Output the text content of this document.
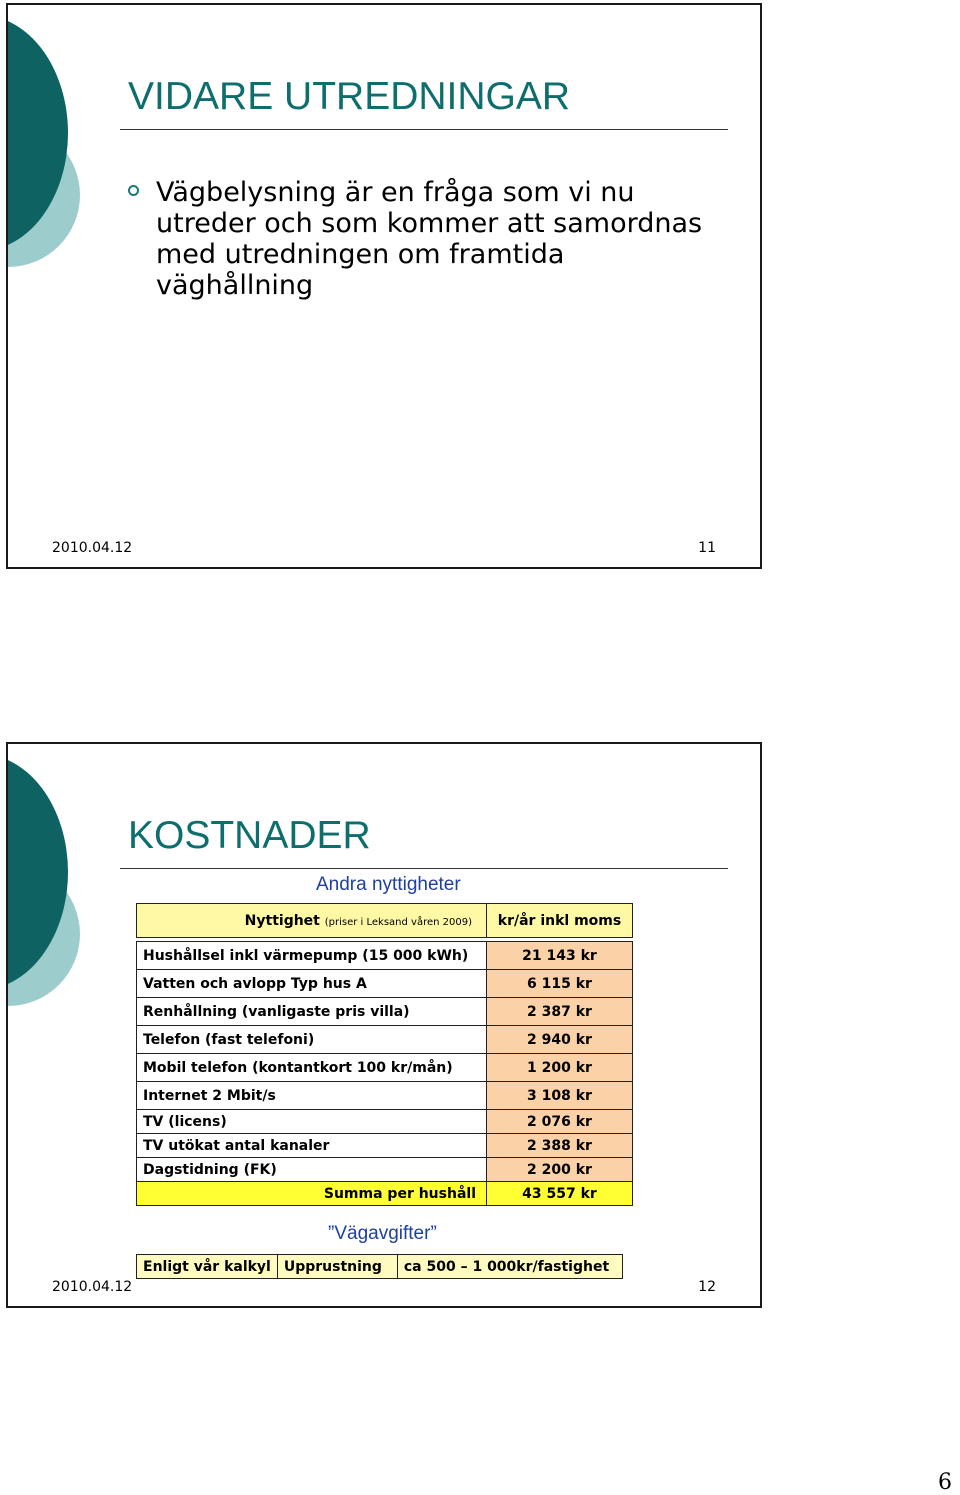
VIDARE UTREDNINGAR
Vägbelysning är en fråga som vi nu utreder och som kommer att samordnas med utredningen om framtida väghållning
2010.04.12	11
KOSTNADER
Andra nyttigheter
Nyttighet (priser i Leksand våren 2009)	kr/år inkl moms

Hushållsel inkl värmepump (15 000 kWh)	21 143 kr
Vatten och avlopp Typ hus A	6 115 kr
Renhållning (vanligaste pris villa)	2 387 kr
Telefon (fast telefoni)	2 940 kr
Mobil telefon (kontantkort 100 kr/mån)	1 200 kr
Internet 2 Mbit/s	3 108 kr
TV (licens)	2 076 kr
TV utökat antal kanaler	2 388 kr
Dagstidning (FK)	2 200 kr
Summa per hushåll	43 557 kr
”Vägavgifter”
Enligt vår kalkyl	Upprustning	ca 500 – 1 000kr/fastighet
2010.04.12	12
6
